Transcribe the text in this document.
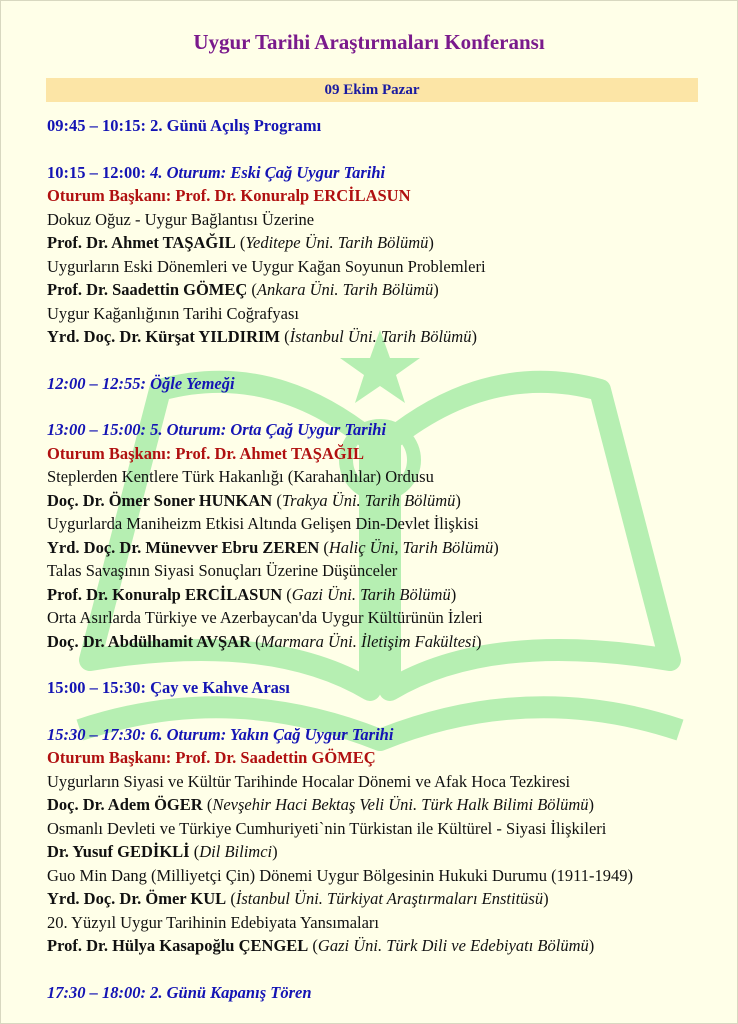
Uygur Tarihi Araştırmaları Konferansı
09 Ekim Pazar
09:45 – 10:15: 2. Günü Açılış Programı
10:15 – 12:00: 4. Oturum: Eski Çağ Uygur Tarihi
Oturum Başkanı: Prof. Dr. Konuralp ERCİLASUN
Dokuz Oğuz - Uygur Bağlantısı Üzerine
Prof. Dr. Ahmet TAŞAĞIL (Yeditepe Üni. Tarih Bölümü)
Uygurların Eski Dönemleri ve Uygur Kağan Soyunun Problemleri
Prof. Dr. Saadettin GÖMEÇ (Ankara Üni. Tarih Bölümü)
Uygur Kağanlığının Tarihi Coğrafyası
Yrd. Doç. Dr. Kürşat YILDIRIM (İstanbul Üni. Tarih Bölümü)
12:00 – 12:55: Öğle Yemeği
13:00 – 15:00: 5. Oturum: Orta Çağ Uygur Tarihi
Oturum Başkanı: Prof. Dr. Ahmet TAŞAĞIL
Steplerden Kentlere Türk Hakanlığı (Karahanlılar) Ordusu
Doç. Dr. Ömer Soner HUNKAN (Trakya Üni. Tarih Bölümü)
Uygurlarda Maniheizm Etkisi Altında Gelişen Din-Devlet İlişkisi
Yrd. Doç. Dr. Münevver Ebru ZEREN (Haliç Üni, Tarih Bölümü)
Talas Savaşının Siyasi Sonuçları Üzerine Düşünceler
Prof. Dr. Konuralp ERCİLASUN (Gazi Üni. Tarih Bölümü)
Orta Asırlarda Türkiye ve Azerbaycan'da Uygur Kültürünün İzleri
Doç. Dr. Abdülhamit AVŞAR (Marmara Üni. İletişim Fakültesi)
15:00 – 15:30: Çay ve Kahve Arası
15:30 – 17:30: 6. Oturum: Yakın Çağ Uygur Tarihi
Oturum Başkanı: Prof. Dr. Saadettin GÖMEÇ
Uygurların Siyasi ve Kültür Tarihinde Hocalar Dönemi ve Afak Hoca Tezkiresi
Doç. Dr. Adem ÖGER (Nevşehir Haci Bektaş Veli Üni. Türk Halk Bilimi Bölümü)
Osmanlı Devleti ve Türkiye Cumhuriyeti`nin Türkistan ile Kültürel - Siyasi İlişkileri
Dr. Yusuf GEDİKLİ (Dil Bilimci)
Guo Min Dang (Milliyetçi Çin) Dönemi Uygur Bölgesinin Hukuki Durumu (1911-1949)
Yrd. Doç. Dr. Ömer KUL (İstanbul Üni. Türkiyat Araştırmaları Enstitüsü)
20. Yüzyıl Uygur Tarihinin Edebiyata Yansımaları
Prof. Dr. Hülya Kasapoğlu ÇENGEL (Gazi Üni. Türk Dili ve Edebiyatı Bölümü)
17:30 – 18:00: 2. Günü Kapanış Tören
